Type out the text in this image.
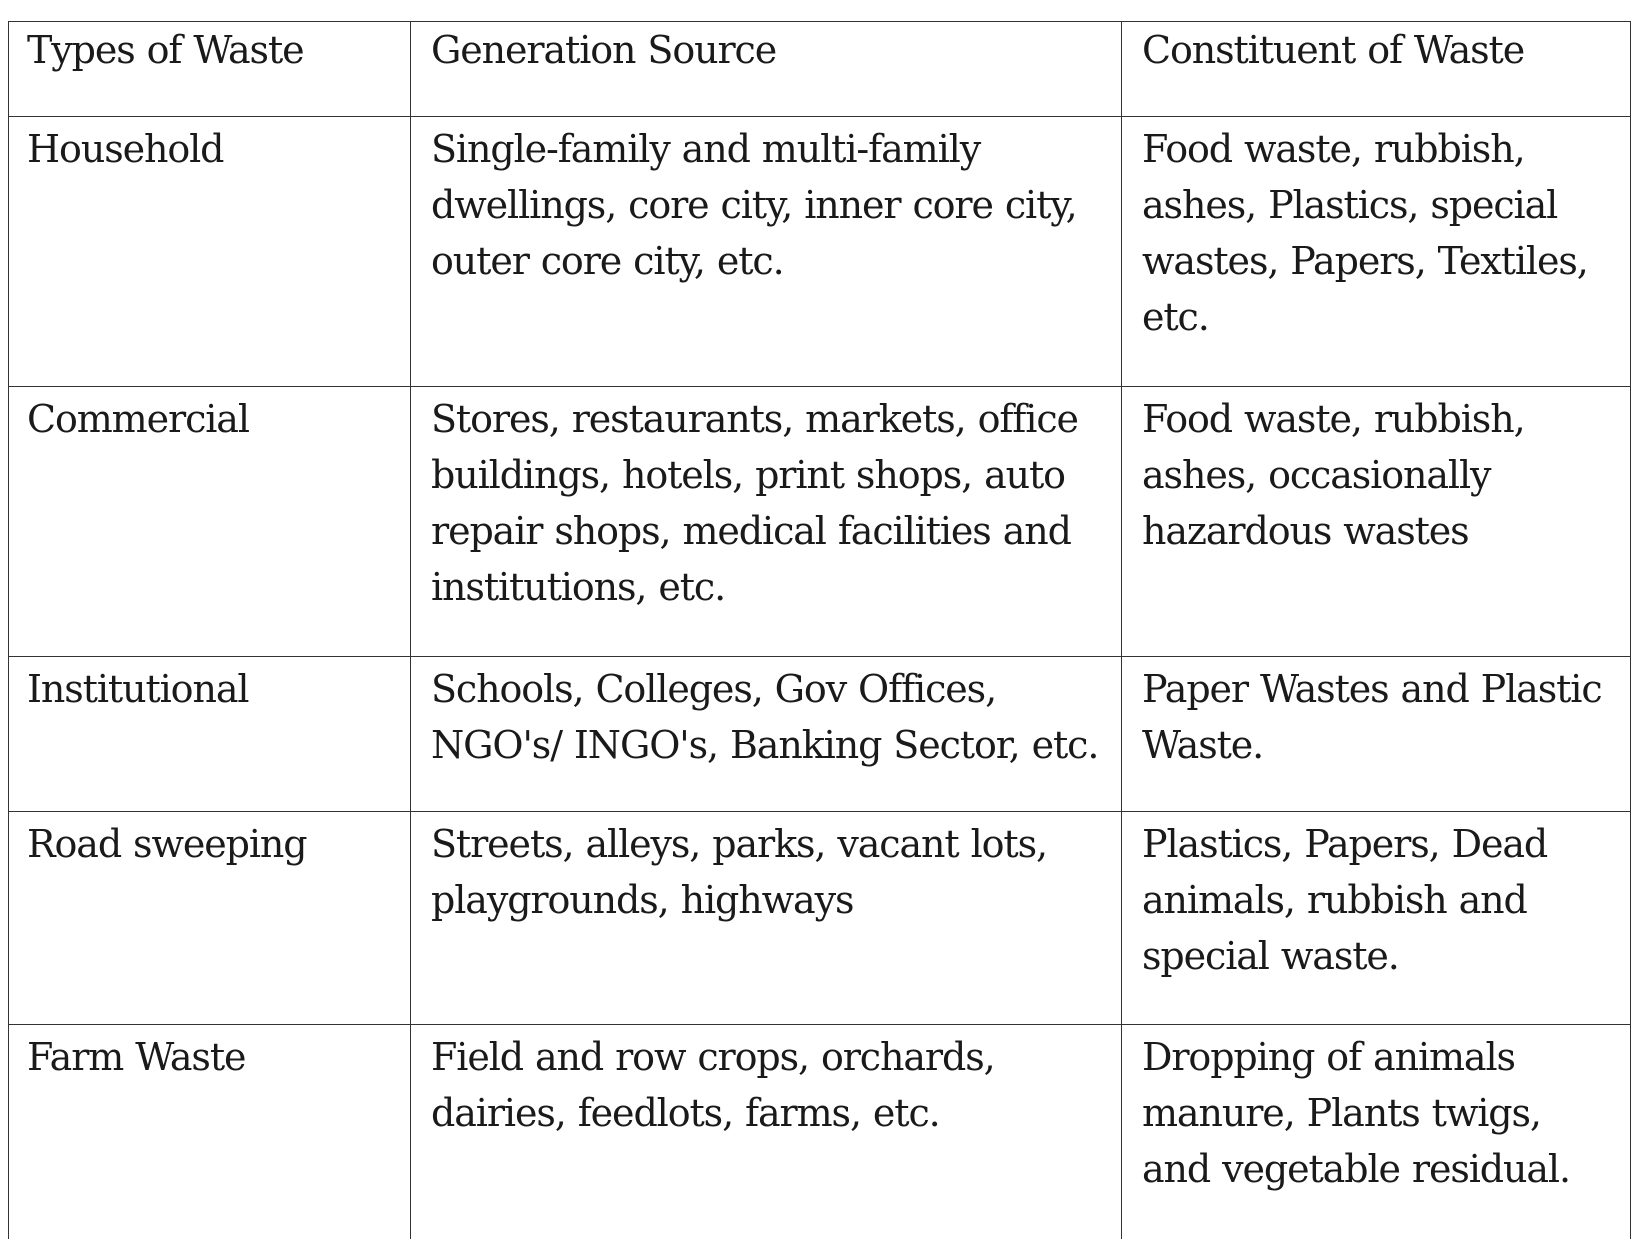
Types of Waste	Generation Source	Constituent of Waste

Household	Single-family and multi-family dwellings, core city, inner core city, outer core city, etc.	Food waste, rubbish, ashes, Plastics, special wastes, Papers, Textiles, etc.

Commercial	Stores, restaurants, markets, office buildings, hotels, print shops, auto repair shops, medical facilities and institutions, etc.	Food waste, rubbish, ashes, occasionally hazardous wastes

Institutional	Schools, Colleges, Gov Offices, NGO's/ INGO's, Banking Sector, etc.	Paper Wastes and Plastic Waste.

Road sweeping	Streets, alleys, parks, vacant lots, playgrounds, highways	Plastics, Papers, Dead animals, rubbish and special waste.

Farm Waste	Field and row crops, orchards, dairies, feedlots, farms, etc.	Dropping of animals manure, Plants twigs, and vegetable residual.
